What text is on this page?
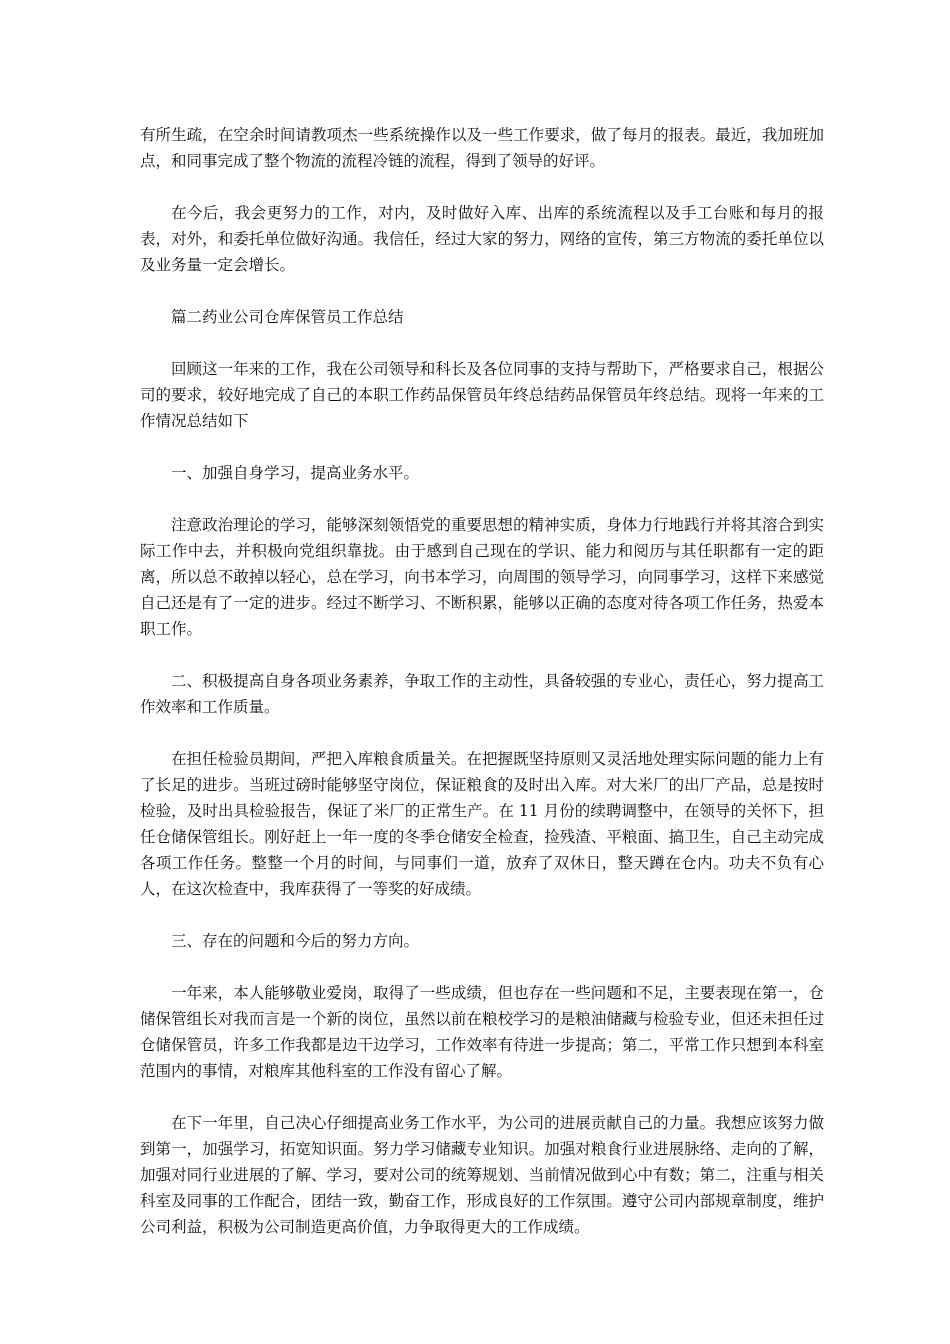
有所生疏，在空余时间请教项杰一些系统操作以及一些工作要求，做了每月的报表。最近，我加班加点，和同事完成了整个物流的流程冷链的流程，得到了领导的好评。

在今后，我会更努力的工作，对内，及时做好入库、出库的系统流程以及手工台账和每月的报表，对外，和委托单位做好沟通。我信任，经过大家的努力，网络的宣传，第三方物流的委托单位以及业务量一定会增长。

篇二药业公司仓库保管员工作总结

回顾这一年来的工作，我在公司领导和科长及各位同事的支持与帮助下，严格要求自己，根据公司的要求，较好地完成了自己的本职工作药品保管员年终总结药品保管员年终总结。现将一年来的工作情况总结如下

一、加强自身学习，提高业务水平。

注意政治理论的学习，能够深刻领悟党的重要思想的精神实质，身体力行地践行并将其溶合到实际工作中去，并积极向党组织靠拢。由于感到自己现在的学识、能力和阅历与其任职都有一定的距离，所以总不敢掉以轻心，总在学习，向书本学习，向周围的领导学习，向同事学习，这样下来感觉自己还是有了一定的进步。经过不断学习、不断积累，能够以正确的态度对待各项工作任务，热爱本职工作。

二、积极提高自身各项业务素养，争取工作的主动性，具备较强的专业心，责任心，努力提高工作效率和工作质量。

在担任检验员期间，严把入库粮食质量关。在把握既坚持原则又灵活地处理实际问题的能力上有了长足的进步。当班过磅时能够坚守岗位，保证粮食的及时出入库。对大米厂的出厂产品，总是按时检验，及时出具检验报告，保证了米厂的正常生产。在 11 月份的续聘调整中，在领导的关怀下，担任仓储保管组长。刚好赶上一年一度的冬季仓储安全检查，捡残渣、平粮面、搞卫生，自己主动完成各项工作任务。整整一个月的时间，与同事们一道，放弃了双休日，整天蹲在仓内。功夫不负有心人，在这次检查中，我库获得了一等奖的好成绩。

三、存在的问题和今后的努力方向。

一年来，本人能够敬业爱岗，取得了一些成绩，但也存在一些问题和不足，主要表现在第一，仓储保管组长对我而言是一个新的岗位，虽然以前在粮校学习的是粮油储藏与检验专业，但还未担任过仓储保管员，许多工作我都是边干边学习，工作效率有待进一步提高；第二，平常工作只想到本科室范围内的事情，对粮库其他科室的工作没有留心了解。

在下一年里，自己决心仔细提高业务工作水平，为公司的进展贡献自己的力量。我想应该努力做到第一，加强学习，拓宽知识面。努力学习储藏专业知识。加强对粮食行业进展脉络、走向的了解，加强对同行业进展的了解、学习，要对公司的统筹规划、当前情况做到心中有数；第二，注重与相关科室及同事的工作配合，团结一致，勤奋工作，形成良好的工作氛围。遵守公司内部规章制度，维护公司利益，积极为公司制造更高价值，力争取得更大的工作成绩。
